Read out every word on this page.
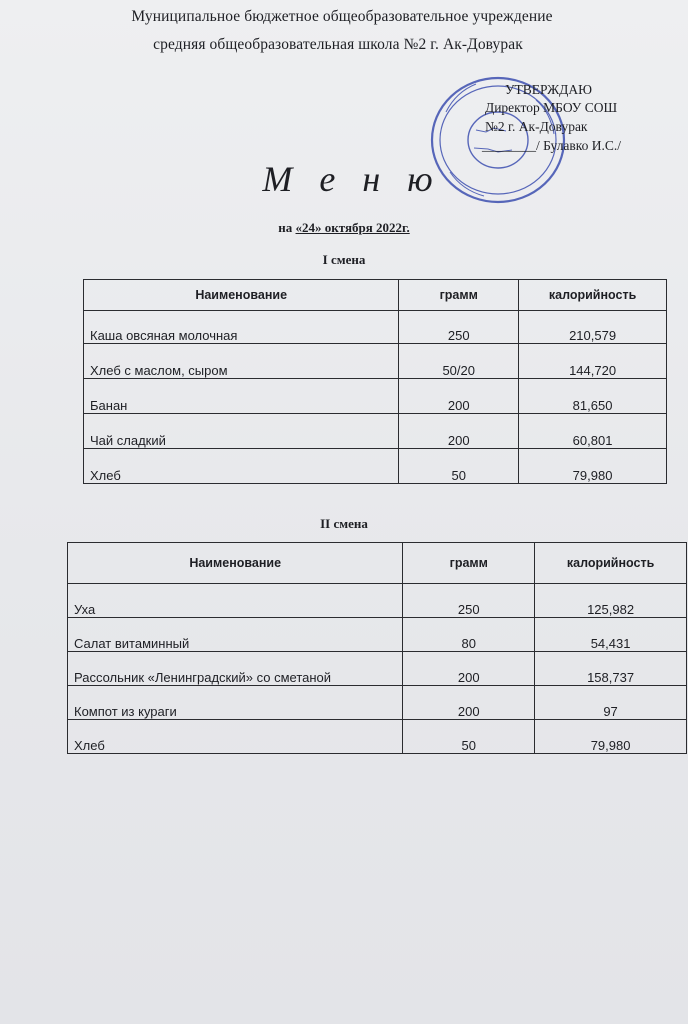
Муниципальное бюджетное общеобразовательное учреждение
средняя общеобразовательная школа №2 г. Ак-Довурак
УТВЕРЖДАЮ
Директор МБОУ СОШ
№2 г. Ак-Довурак
________/ Булавко И.С./
М е н ю
на «24» октября 2022г.
I смена
Наименование	грамм	калорийность
Каша овсяная молочная	250	210,579
Хлеб с маслом, сыром	50/20	144,720
Банан	200	81,650
Чай сладкий	200	60,801
Хлеб	50	79,980
II смена
Наименование	грамм	калорийность
Уха	250	125,982
Салат витаминный	80	54,431
Рассольник «Ленинградский» со сметаной	200	158,737
Компот из кураги	200	97
Хлеб	50	79,980
